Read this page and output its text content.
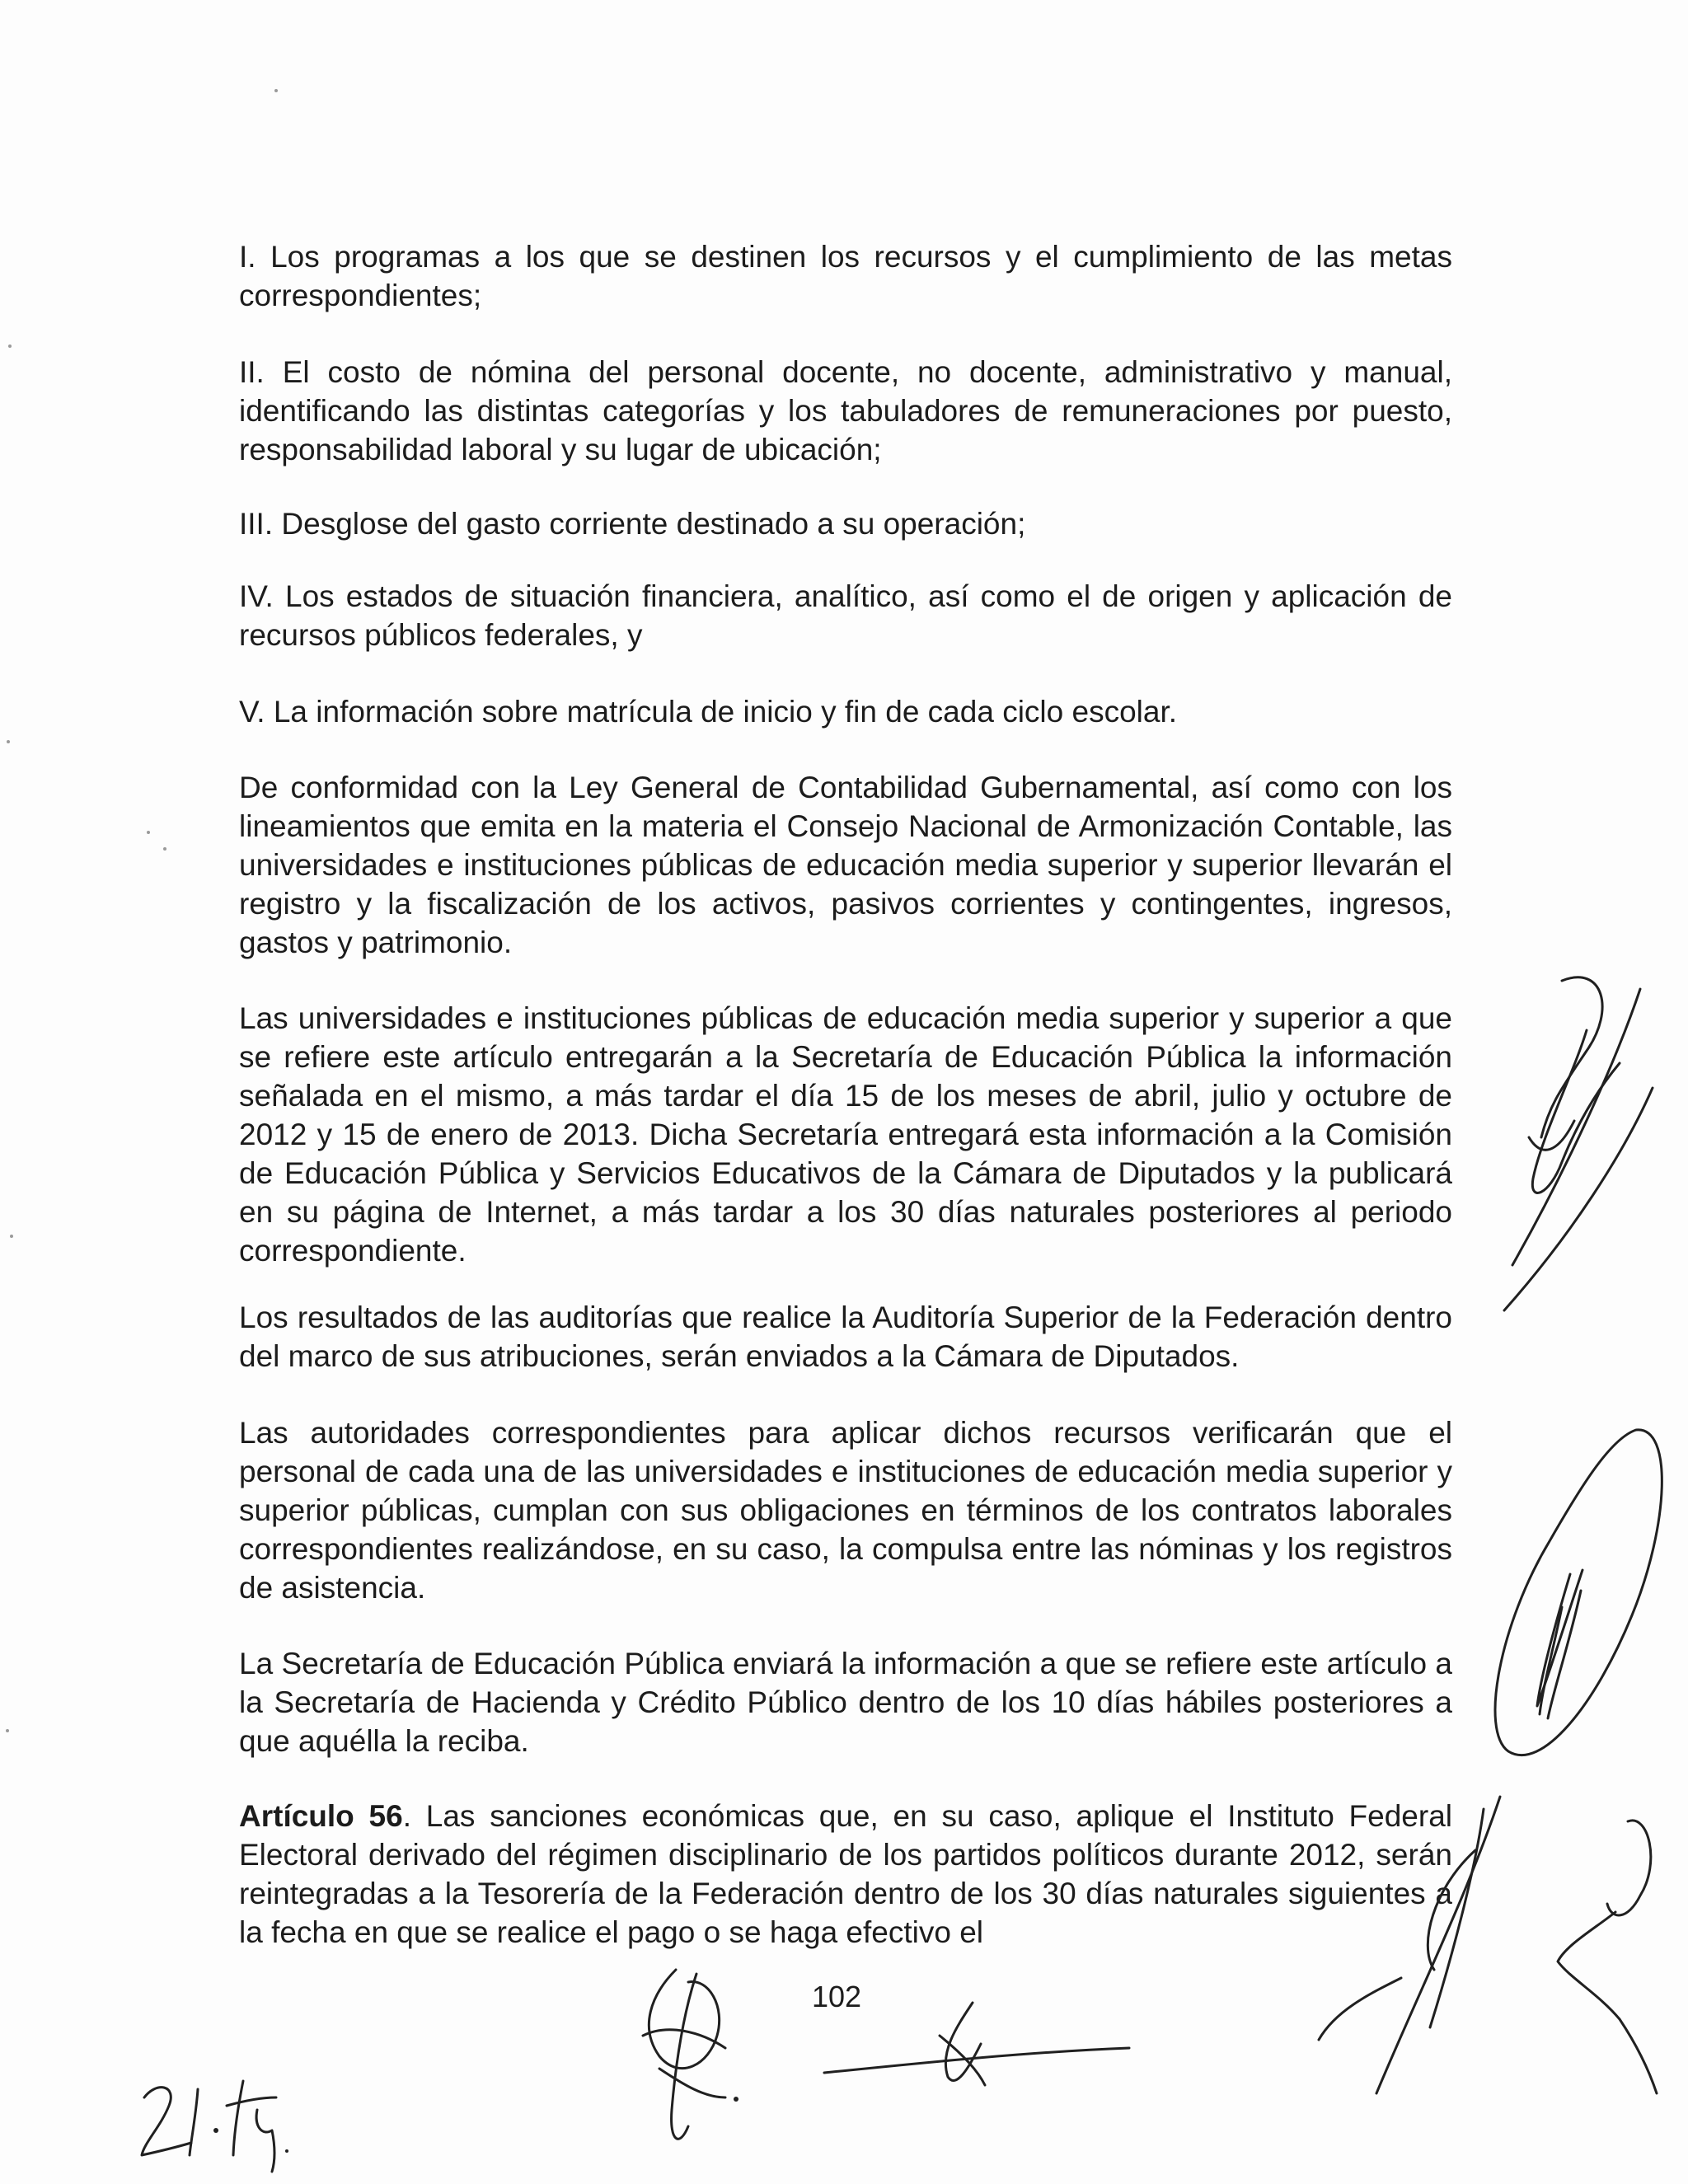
I. Los programas a los que se destinen los recursos y el cumplimiento de las metas correspondientes;

II. El costo de nómina del personal docente, no docente, administrativo y manual, identificando las distintas categorías y los tabuladores de remuneraciones por puesto, responsabilidad laboral y su lugar de ubicación;

III. Desglose del gasto corriente destinado a su operación;

IV. Los estados de situación financiera, analítico, así como el de origen y aplicación de recursos públicos federales, y

V. La información sobre matrícula de inicio y fin de cada ciclo escolar.

De conformidad con la Ley General de Contabilidad Gubernamental, así como con los lineamientos que emita en la materia el Consejo Nacional de Armonización Contable, las universidades e instituciones públicas de educación media superior y superior llevarán el registro y la fiscalización de los activos, pasivos corrientes y contingentes, ingresos, gastos y patrimonio.

Las universidades e instituciones públicas de educación media superior y superior a que se refiere este artículo entregarán a la Secretaría de Educación Pública la información señalada en el mismo, a más tardar el día 15 de los meses de abril, julio y octubre de 2012 y 15 de enero de 2013. Dicha Secretaría entregará esta información a la Comisión de Educación Pública y Servicios Educativos de la Cámara de Diputados y la publicará en su página de Internet, a más tardar a los 30 días naturales posteriores al periodo correspondiente.

Los resultados de las auditorías que realice la Auditoría Superior de la Federación dentro del marco de sus atribuciones, serán enviados a la Cámara de Diputados.

Las autoridades correspondientes para aplicar dichos recursos verificarán que el personal de cada una de las universidades e instituciones de educación media superior y superior públicas, cumplan con sus obligaciones en términos de los contratos laborales correspondientes realizándose, en su caso, la compulsa entre las nóminas y los registros de asistencia.

La Secretaría de Educación Pública enviará la información a que se refiere este artículo a la Secretaría de Hacienda y Crédito Público dentro de los 10 días hábiles posteriores a que aquélla la reciba.

Artículo 56. Las sanciones económicas que, en su caso, aplique el Instituto Federal Electoral derivado del régimen disciplinario de los partidos políticos durante 2012, serán reintegradas a la Tesorería de la Federación dentro de los 30 días naturales siguientes a la fecha en que se realice el pago o se haga efectivo el

102
